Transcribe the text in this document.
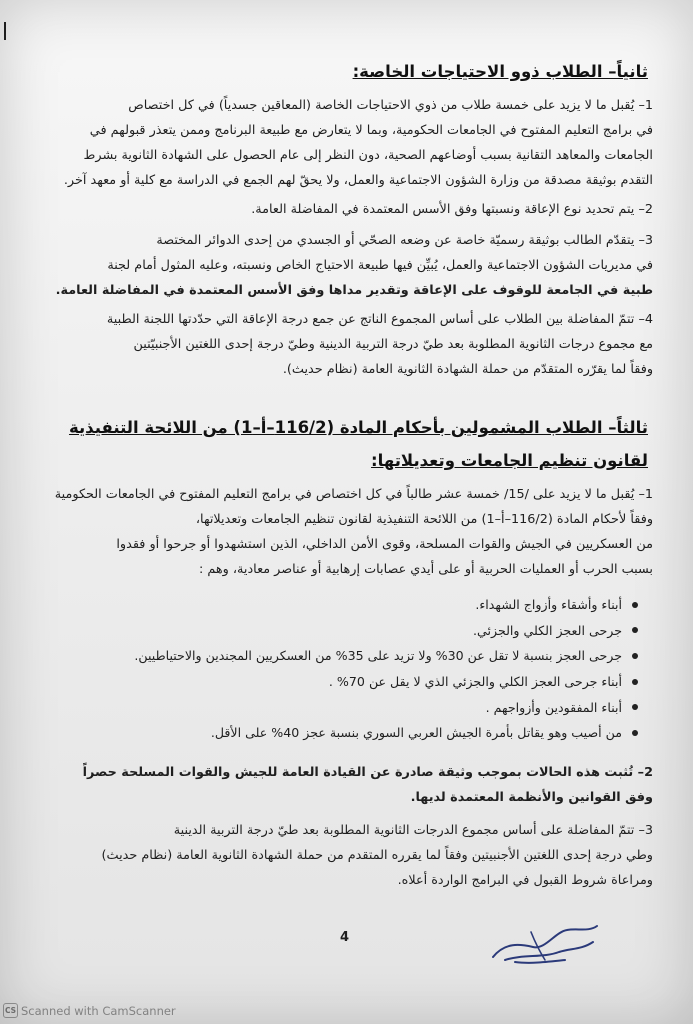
ثانياً– الطلاب ذوو الاحتياجات الخاصة:
1– يُقبل ما لا يزيد على خمسة طلاب من ذوي الاحتياجات الخاصة (المعاقين جسدياً) في كل اختصاص
في برامج التعليم المفتوح في الجامعات الحكومية، وبما لا يتعارض مع طبيعة البرنامج وممن يتعذر قبولهم في
الجامعات والمعاهد التقانية بسبب أوضاعهم الصحية، دون النظر إلى عام الحصول على الشهادة الثانوية بشرط
التقدم بوثيقة مصدقة من وزارة الشؤون الاجتماعية والعمل، ولا يحقّ لهم الجمع في الدراسة مع كلية أو معهد آخر.
2– يتم تحديد نوع الإعاقة ونسبتها وفق الأسس المعتمدة في المفاضلة العامة.
3– يتقدّم الطالب بوثيقة رسميّة خاصة عن وضعه الصحّي أو الجسدي من إحدى الدوائر المختصة
في مديريات الشؤون الاجتماعية والعمل، يُبيِّن فيها طبيعة الاحتياج الخاص ونسبته، وعليه المثول أمام لجنة
طبية في الجامعة للوقوف على الإعاقة وتقدير مداها وفق الأسس المعتمدة في المفاضلة العامة.
4– تتمّ المفاضلة بين الطلاب على أساس المجموع الناتج عن جمع درجة الإعاقة التي حدّدتها اللجنة الطبية
مع مجموع درجات الثانوية المطلوبة بعد طيّ درجة التربية الدينية وطيّ درجة إحدى اللغتين الأجنبيّتين
وفقاً لما يقرّره المتقدّم من حملة الشهادة الثانوية العامة (نظام حديث).
ثالثاً– الطلاب المشمولين بأحكام المادة (116/2–أ–1) من اللائحة التنفيذية
لقانون تنظيم الجامعات وتعديلاتها:
1– يُقبل ما لا يزيد على /15/ خمسة عشر طالباً في كل اختصاص في برامج التعليم المفتوح في الجامعات الحكومية
وفقاً لأحكام المادة (116/2–أ–1) من اللائحة التنفيذية لقانون تنظيم الجامعات وتعديلاتها،
من العسكريين في الجيش والقوات المسلحة، وقوى الأمن الداخلي، الذين استشهدوا أو جرحوا أو فقدوا
بسبب الحرب أو العمليات الحربية أو على أيدي عصابات إرهابية أو عناصر معادية، وهم :
أبناء وأشقاء وأزواج الشهداء.
جرحى العجز الكلي والجزئي.
جرحى العجز بنسبة لا تقل عن 30% ولا تزيد على 35% من العسكريين المجندين والاحتياطيين.
أبناء جرحى العجز الكلي والجزئي الذي لا يقل عن 70% .
أبناء المفقودين وأزواجهم .
من أصيب وهو يقاتل بأمرة الجيش العربي السوري بنسبة عجز 40% على الأقل.
2– تُثبت هذه الحالات بموجب وثيقة صادرة عن القيادة العامة للجيش والقوات المسلحة حصراً
وفق القوانين والأنظمة المعتمدة لديها.
3– تتمّ المفاضلة على أساس مجموع الدرجات الثانوية المطلوبة بعد طيّ درجة التربية الدينية
وطي درجة إحدى اللغتين الأجنبيتين وفقاً لما يقرره المتقدم من حملة الشهادة الثانوية العامة (نظام حديث)
ومراعاة شروط القبول في البرامج الواردة أعلاه.
4
CS Scanned with CamScanner
